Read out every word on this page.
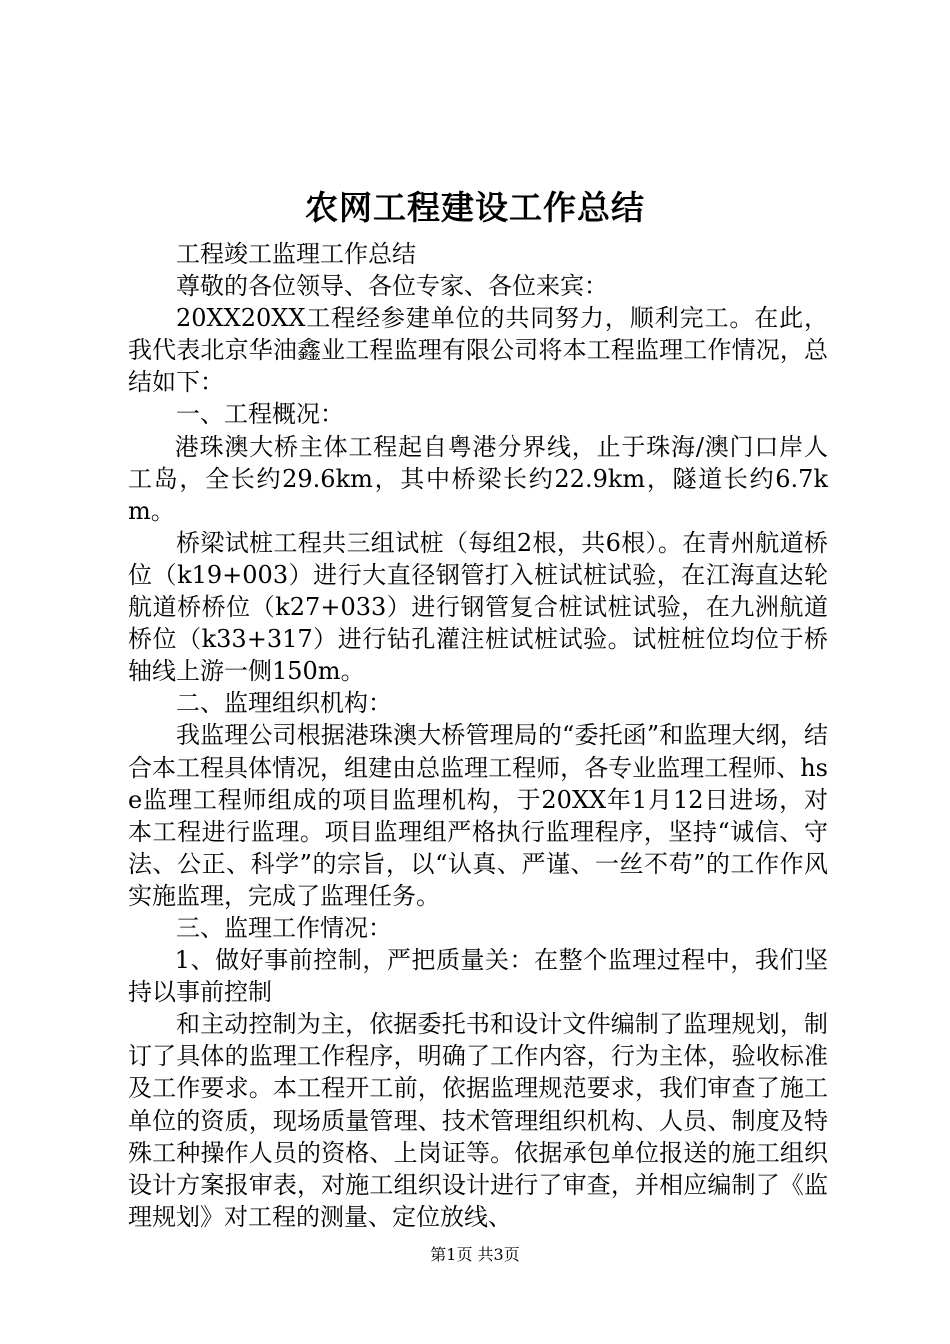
农网工程建设工作总结

工程竣工监理工作总结

尊敬的各位领导、各位专家、各位来宾：

20XX20XX工程经参建单位的共同努力，顺利完工。在此，我代表北京华油鑫业工程监理有限公司将本工程监理工作情况，总结如下：

一、工程概况：

港珠澳大桥主体工程起自粤港分界线，止于珠海/澳门口岸人工岛，全长约29.6km，其中桥梁长约22.9km，隧道长约6.7km。

桥梁试桩工程共三组试桩（每组2根，共6根）。在青州航道桥位（k19+003）进行大直径钢管打入桩试桩试验，在江海直达轮航道桥桥位（k27+033）进行钢管复合桩试桩试验，在九洲航道桥位（k33+317）进行钻孔灌注桩试桩试验。试桩桩位均位于桥轴线上游一侧150m。

二、监理组织机构：

我监理公司根据港珠澳大桥管理局的“委托函”和监理大纲，结合本工程具体情况，组建由总监理工程师，各专业监理工程师、hse监理工程师组成的项目监理机构，于20XX年1月12日进场，对本工程进行监理。项目监理组严格执行监理程序，坚持“诚信、守法、公正、科学”的宗旨，以“认真、严谨、一丝不苟”的工作作风实施监理，完成了监理任务。

三、监理工作情况：

1、做好事前控制，严把质量关：在整个监理过程中，我们坚持以事前控制

和主动控制为主，依据委托书和设计文件编制了监理规划，制订了具体的监理工作程序，明确了工作内容，行为主体，验收标准及工作要求。本工程开工前，依据监理规范要求，我们审查了施工单位的资质，现场质量管理、技术管理组织机构、人员、制度及特殊工种操作人员的资格、上岗证等。依据承包单位报送的施工组织设计方案报审表，对施工组织设计进行了审查，并相应编制了《监理规划》对工程的测量、定位放线、

第1页 共3页
